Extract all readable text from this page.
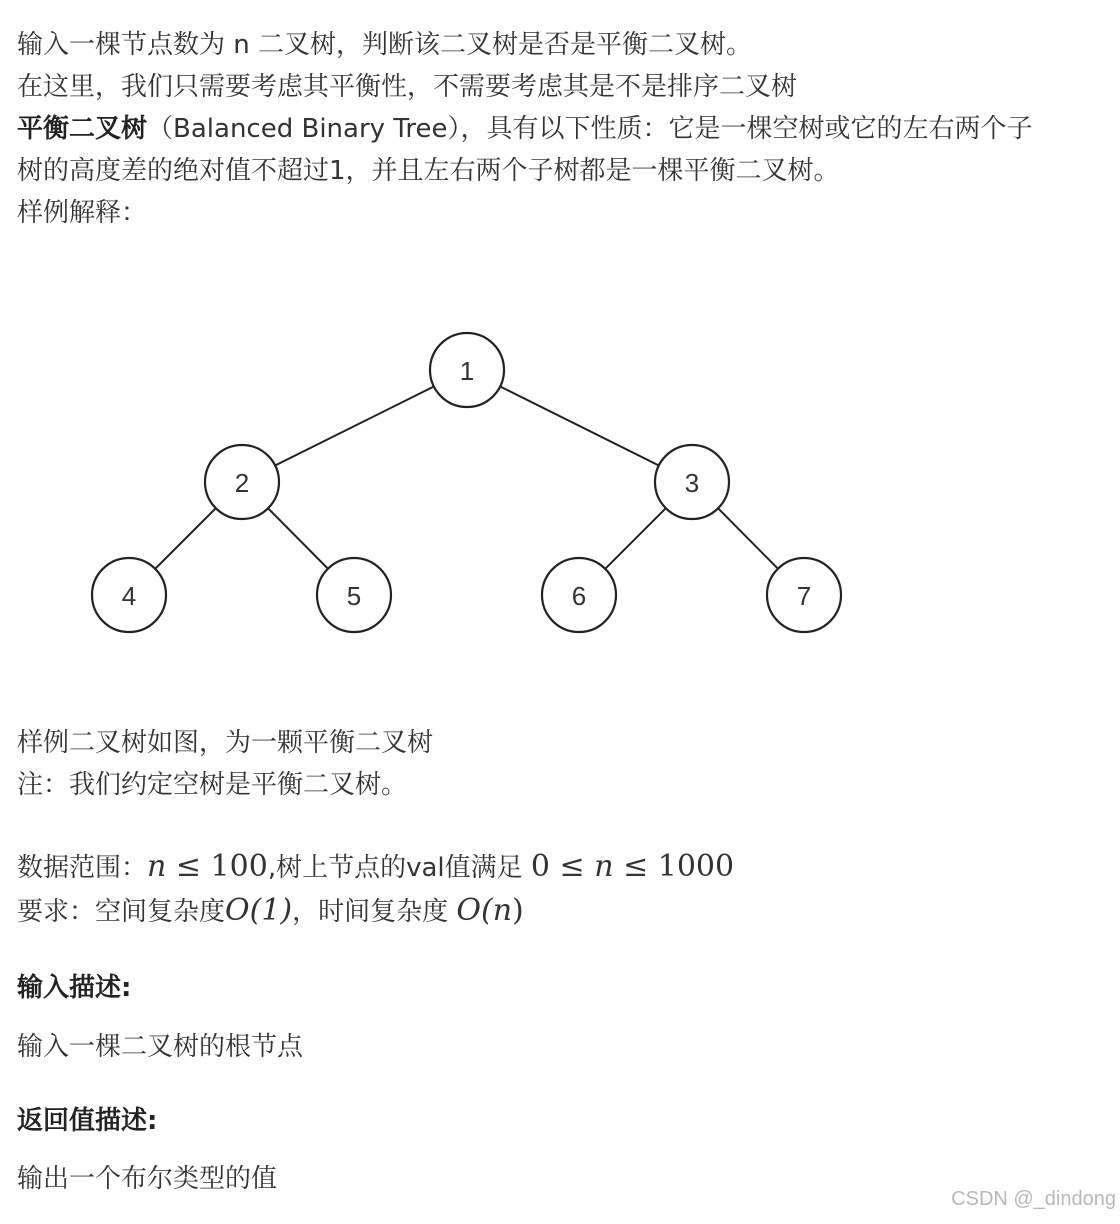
输入一棵节点数为 n 二叉树，判断该二叉树是否是平衡二叉树。
在这里，我们只需要考虑其平衡性，不需要考虑其是不是排序二叉树
平衡二叉树（Balanced Binary Tree），具有以下性质：它是一棵空树或它的左右两个子
树的高度差的绝对值不超过1，并且左右两个子树都是一棵平衡二叉树。
样例解释：
1
2	3
4	5	6	7
样例二叉树如图，为一颗平衡二叉树
注：我们约定空树是平衡二叉树。
数据范围：n ≤ 100,树上节点的val值满足 0 ≤ n ≤ 1000
要求：空间复杂度O(1)，时间复杂度 O(n)
输入描述:
输入一棵二叉树的根节点
返回值描述:
输出一个布尔类型的值
CSDN @_dindong
